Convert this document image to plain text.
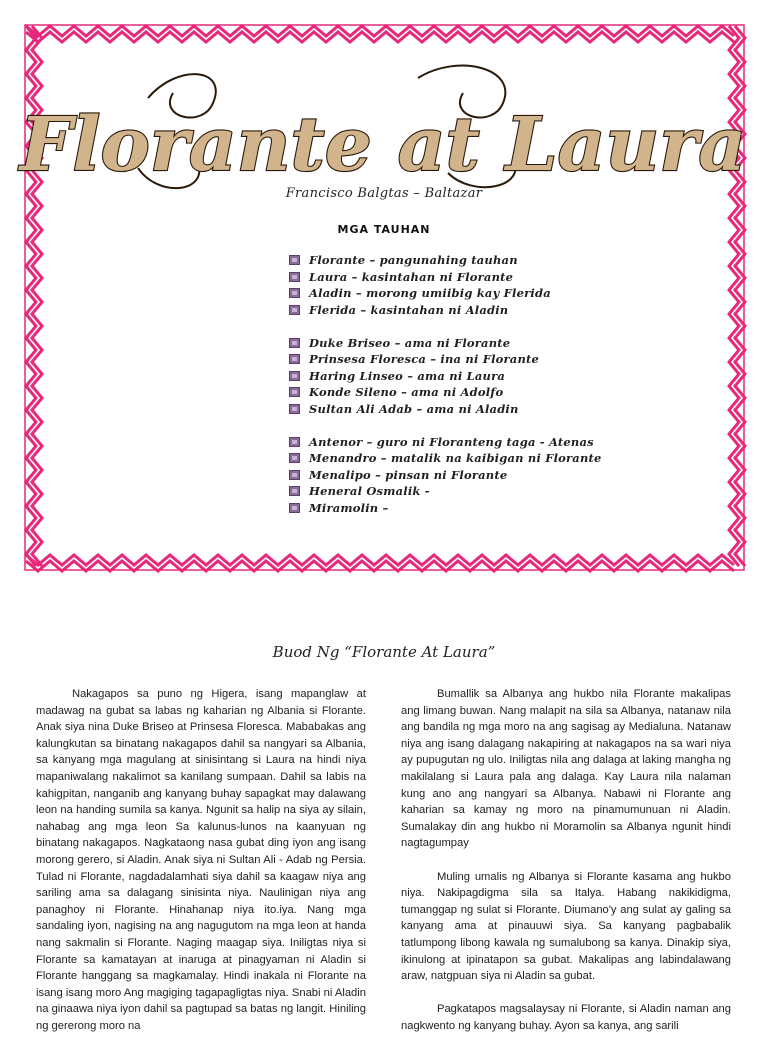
Florante at Laura
Francisco Balgtas – Baltazar
MGA TAUHAN
Florante – pangunahing tauhan
Laura – kasintahan ni Florante
Aladin – morong umiibig kay Flerida
Flerida – kasintahan ni Aladin
Duke Briseo – ama ni Florante
Prinsesa Floresca – ina ni Florante
Haring Linseo – ama ni Laura
Konde Sileno – ama ni Adolfo
Sultan Ali Adab – ama ni Aladin
Antenor – guro ni Floranteng taga - Atenas
Menandro – matalik na kaibigan ni Florante
Menalipo – pinsan ni Florante
Heneral Osmalik -
Miramolin –
Buod Ng “Florante At Laura”

Nakagapos sa puno ng Higera, isang mapanglaw at madawag na gubat sa labas ng kaharian ng Albania si Florante. Anak siya nina Duke Briseo at Prinsesa Floresca. Mababakas ang kalungkutan sa binatang nakagapos dahil sa nangyari sa Albania, sa kanyang mga magulang at sinisintang si Laura na hindi niya mapaniwalang nakalimot sa kanilang sumpaan. Dahil sa labis na kahigpitan, nanganib ang kanyang buhay sapagkat may dalawang leon na handing sumila sa kanya. Ngunit sa halip na siya ay silain, nahabag ang mga leon Sa kalunus-lunos na kaanyuan ng binatang nakagapos. Nagkataong nasa gubat ding iyon ang isang morong gerero, si Aladin. Anak siya ni Sultan Ali - Adab ng Persia. Tulad ni Florante, nagdadalamhati siya dahil sa kaagaw niya ang sariling ama sa dalagang sinisinta niya. Naulinigan niya ang panaghoy ni Florante. Hinahanap niya ito.iya. Nang mga sandaling iyon, nagising na ang nagugutom na mga leon at handa nang sakmalin si Florante. Naging maagap siya. Iniligtas niya si Florante sa kamatayan at inaruga at pinagyaman ni Aladin si Florante hanggang sa magkamalay. Hindi inakala ni Florante na isang isang moro Ang magiging tagapagligtas niya. Snabi ni Aladin na ginaawa niya iyon dahil sa pagtupad sa batas ng langit. Hiniling ng gererong moro na

Bumallik sa Albanya ang hukbo nila Florante makalipas ang limang buwan. Nang malapit na sila sa Albanya, natanaw nila ang bandila ng mga moro na ang sagisag ay Medialuna. Natanaw niya ang isang dalagang nakapiring at nakagapos na sa wari niya ay pupugutan ng ulo. Iniligtas nila ang dalaga at laking mangha ng makilalang si Laura pala ang dalaga. Kay Laura nila nalaman kung ano ang nangyari sa Albanya. Nabawi ni Florante ang kaharian sa kamay ng moro na pinamumunuan ni Aladin. Sumalakay din ang hukbo ni Moramolin sa Albanya ngunit hindi nagtagumpay

Muling umalis ng Albanya si Florante kasama ang hukbo niya. Nakipagdigma sila sa Italya. Habang nakikidigma, tumanggap ng sulat si Florante. Diumano'y ang sulat ay galing sa kanyang ama at pinauuwi siya. Sa kanyang pagbabalik tatlumpong libong kawala ng sumalubong sa kanya. Dinakip siya, ikinulong at ipinatapon sa gubat. Makalipas ang labindalawang araw, natgpuan siya ni Aladin sa gubat.

Pagkatapos magsalaysay ni Florante, si Aladin naman ang nagkwento ng kanyang buhay. Ayon sa kanya, ang sarili
